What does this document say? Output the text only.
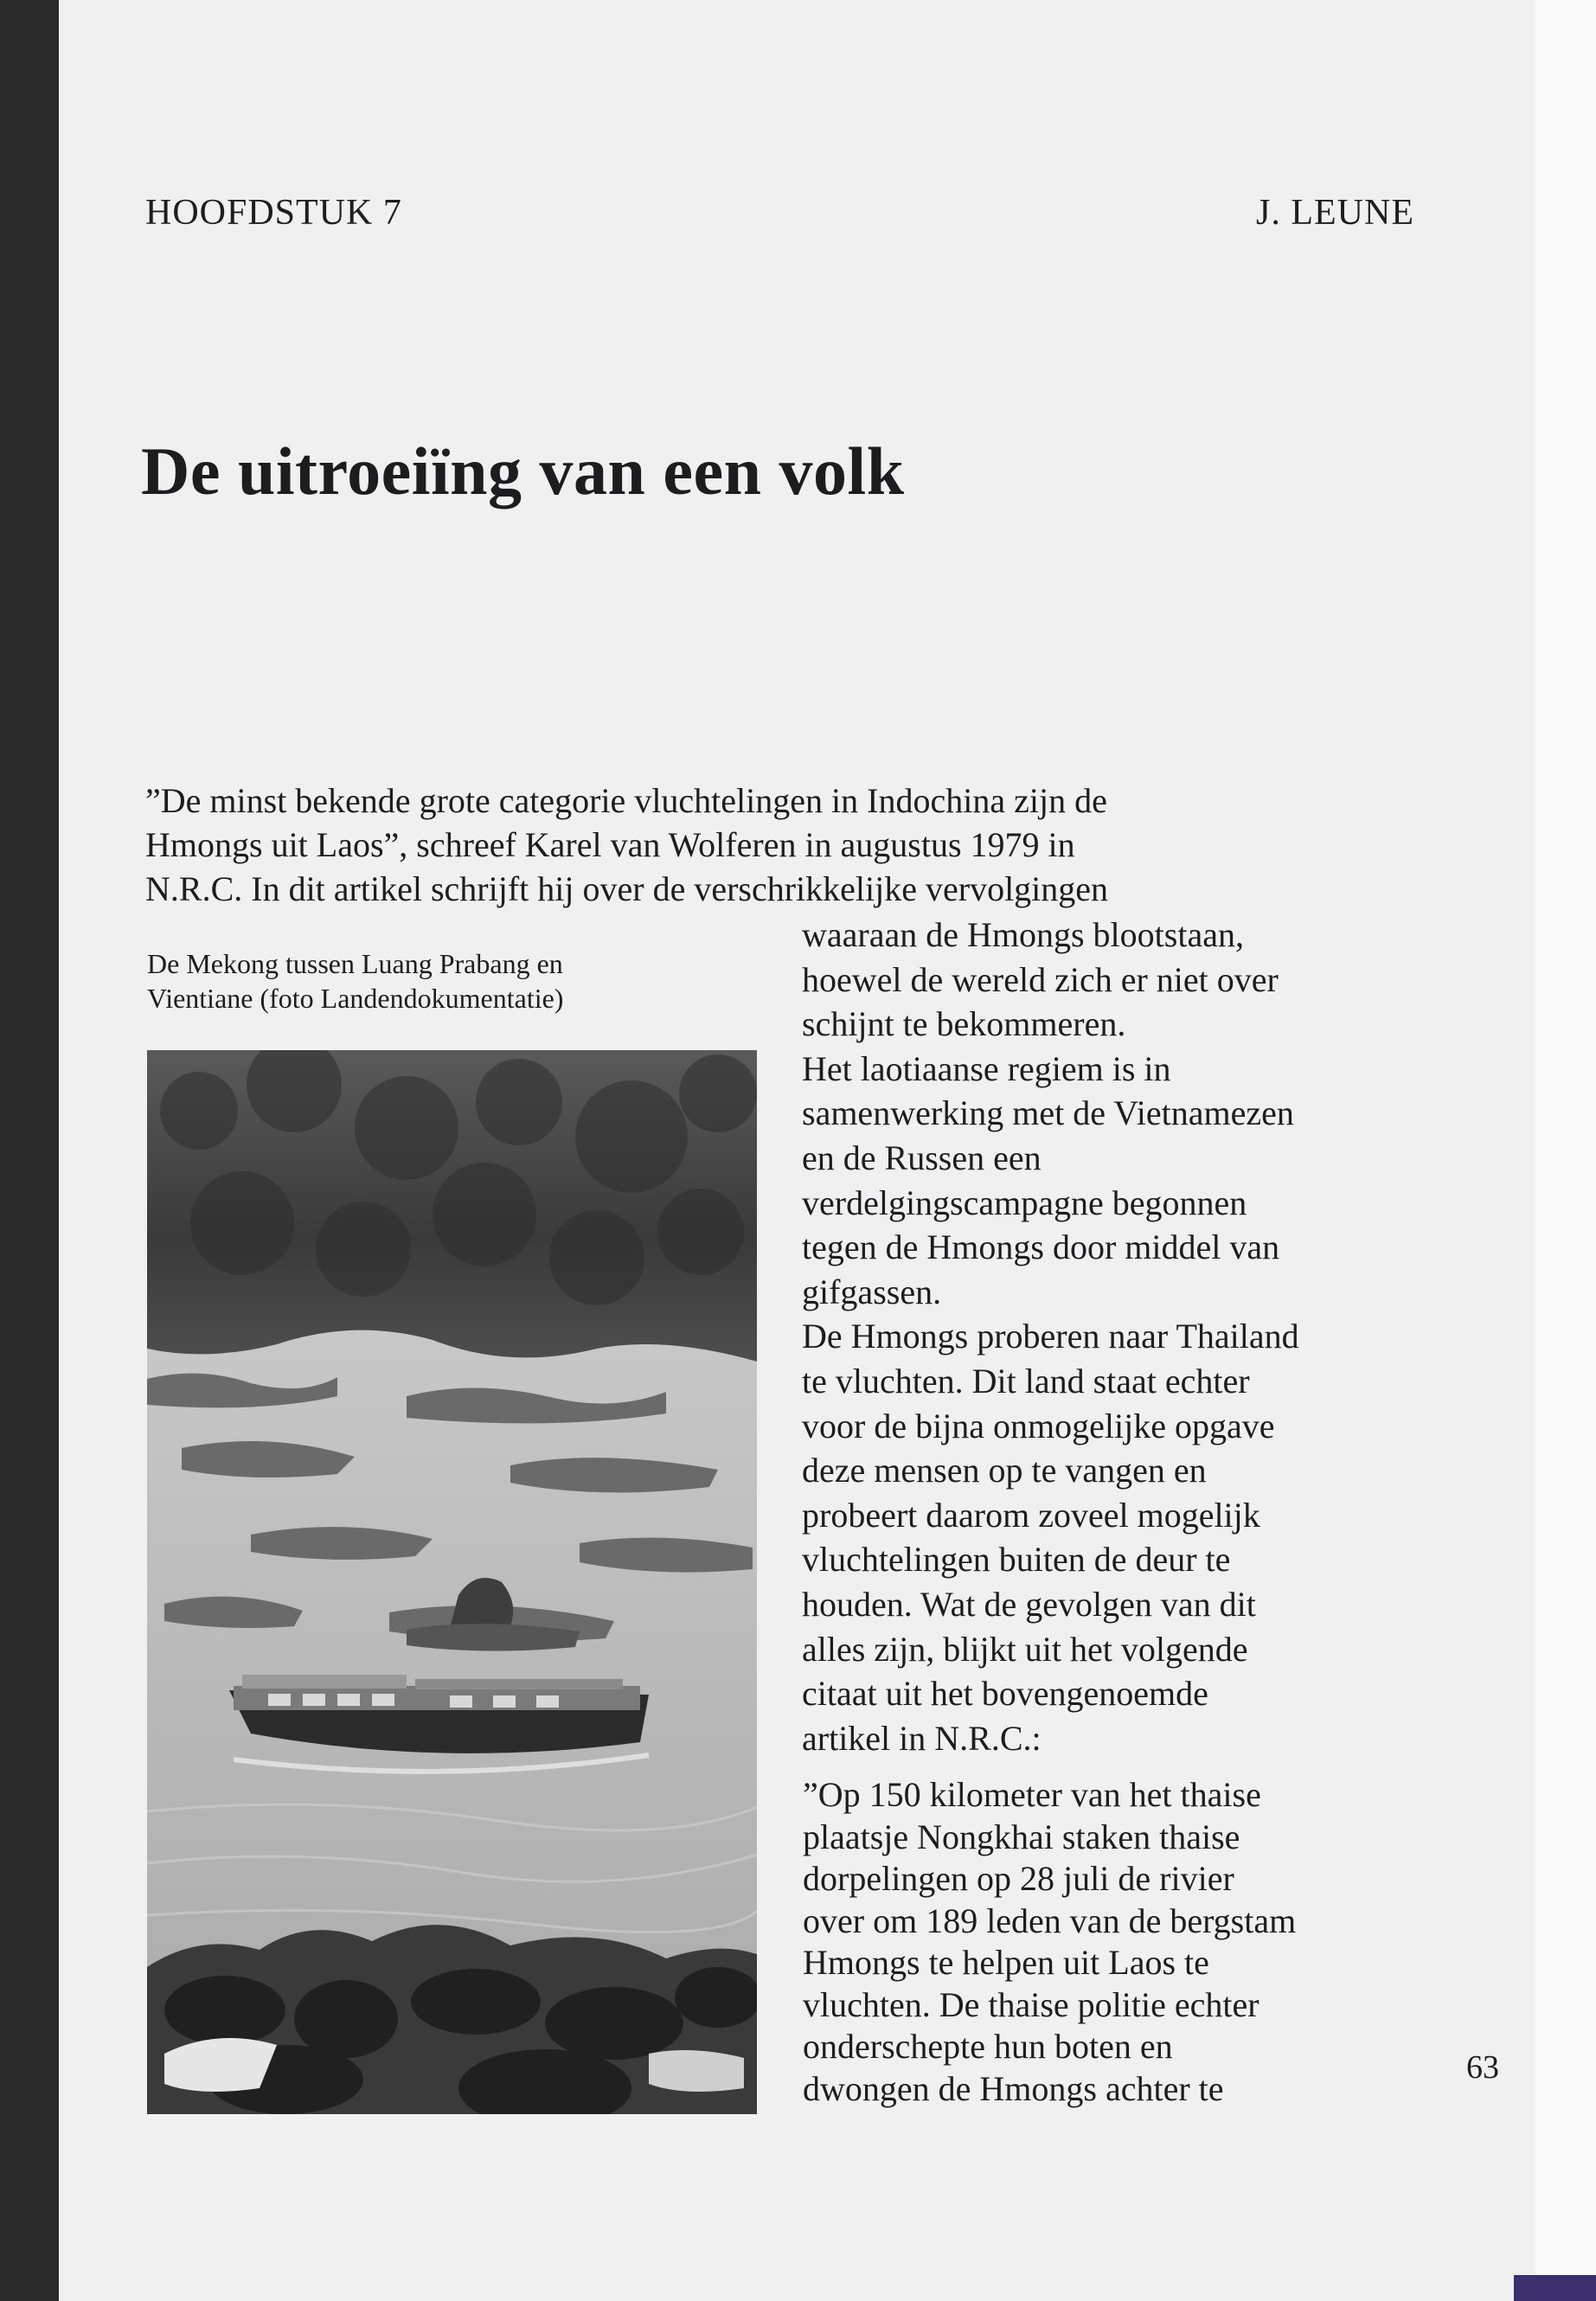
HOOFDSTUK 7	J. LEUNE
De uitroeiïng van een volk

”De minst bekende grote categorie vluchtelingen in Indochina zijn de
Hmongs uit Laos”, schreef Karel van Wolferen in augustus 1979 in
N.R.C. In dit artikel schrijft hij over de verschrikkelijke vervolgingen

De Mekong tussen Luang Prabang en
Vientiane (foto Landendokumentatie)

waaraan de Hmongs blootstaan,
hoewel de wereld zich er niet over
schijnt te bekommeren.
Het laotiaanse regiem is in
samenwerking met de Vietnamezen
en de Russen een
verdelgingscampagne begonnen
tegen de Hmongs door middel van
gifgassen.
De Hmongs proberen naar Thailand
te vluchten. Dit land staat echter
voor de bijna onmogelijke opgave
deze mensen op te vangen en
probeert daarom zoveel mogelijk
vluchtelingen buiten de deur te
houden. Wat de gevolgen van dit
alles zijn, blijkt uit het volgende
citaat uit het bovengenoemde
artikel in N.R.C.:

”Op 150 kilometer van het thaise
plaatsje Nongkhai staken thaise
dorpelingen op 28 juli de rivier
over om 189 leden van de bergstam
Hmongs te helpen uit Laos te
vluchten. De thaise politie echter
onderschepte hun boten en
dwongen de Hmongs achter te

63
